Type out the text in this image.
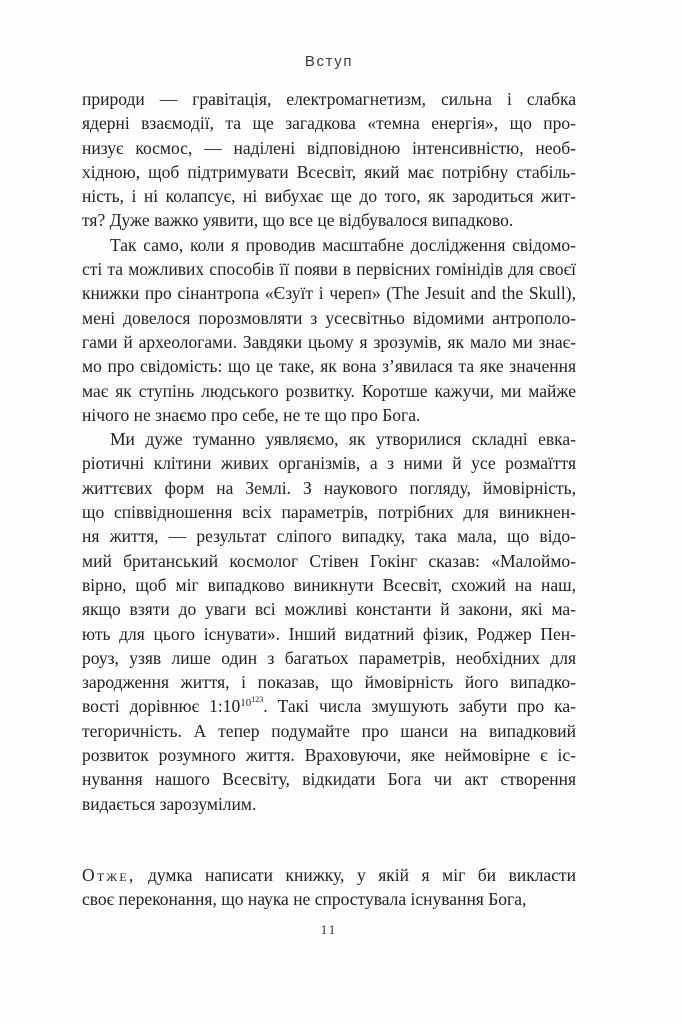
Вступ
природи — гравітація, електромагнетизм, сильна і слабка
ядерні взаємодії, та ще загадкова «темна енергія», що про-
низує космос, — наділені відповідною інтенсивністю, необ-
хідною, щоб підтримувати Всесвіт, який має потрібну стабіль-
ність, і ні колапсує, ні вибухає ще до того, як зародиться жит-
тя? Дуже важко уявити, що все це відбувалося випадково.
Так само, коли я проводив масштабне дослідження свідомо-
сті та можливих способів її появи в первісних гомінідів для своєї
книжки про сінантропа «Єзуїт і череп» (The Jesuit and the Skull),
мені довелося порозмовляти з усесвітньо відомими антрополо-
гами й археологами. Завдяки цьому я зрозумів, як мало ми знає-
мо про свідомість: що це таке, як вона з’явилася та яке значення
має як ступінь людського розвитку. Коротше кажучи, ми майже
нічого не знаємо про себе, не те що про Бога.
Ми дуже туманно уявляємо, як утворилися складні евка-
ріотичні клітини живих організмів, а з ними й усе розмаїття
життєвих форм на Землі. З наукового погляду, ймовірність,
що співвідношення всіх параметрів, потрібних для виникнен-
ня життя, — результат сліпого випадку, така мала, що відо-
мий британський космолог Стівен Гокінг сказав: «Малоймо-
вірно, щоб міг випадково виникнути Всесвіт, схожий на наш,
якщо взяти до уваги всі можливі константи й закони, які ма-
ють для цього існувати». Інший видатний фізик, Роджер Пен-
роуз, узяв лише один з багатьох параметрів, необхідних для
зародження життя, і показав, що ймовірність його випадко-
вості дорівнює 1:1010123. Такі числа змушують забути про ка-
тегоричність. А тепер подумайте про шанси на випадковий
розвиток розумного життя. Враховуючи, яке неймовірне є іс-
нування нашого Всесвіту, відкидати Бога чи акт створення
видається зарозумілим.
Отже, думка написати книжку, у якій я міг би викласти
своє переконання, що наука не спростувала існування Бога,
11
